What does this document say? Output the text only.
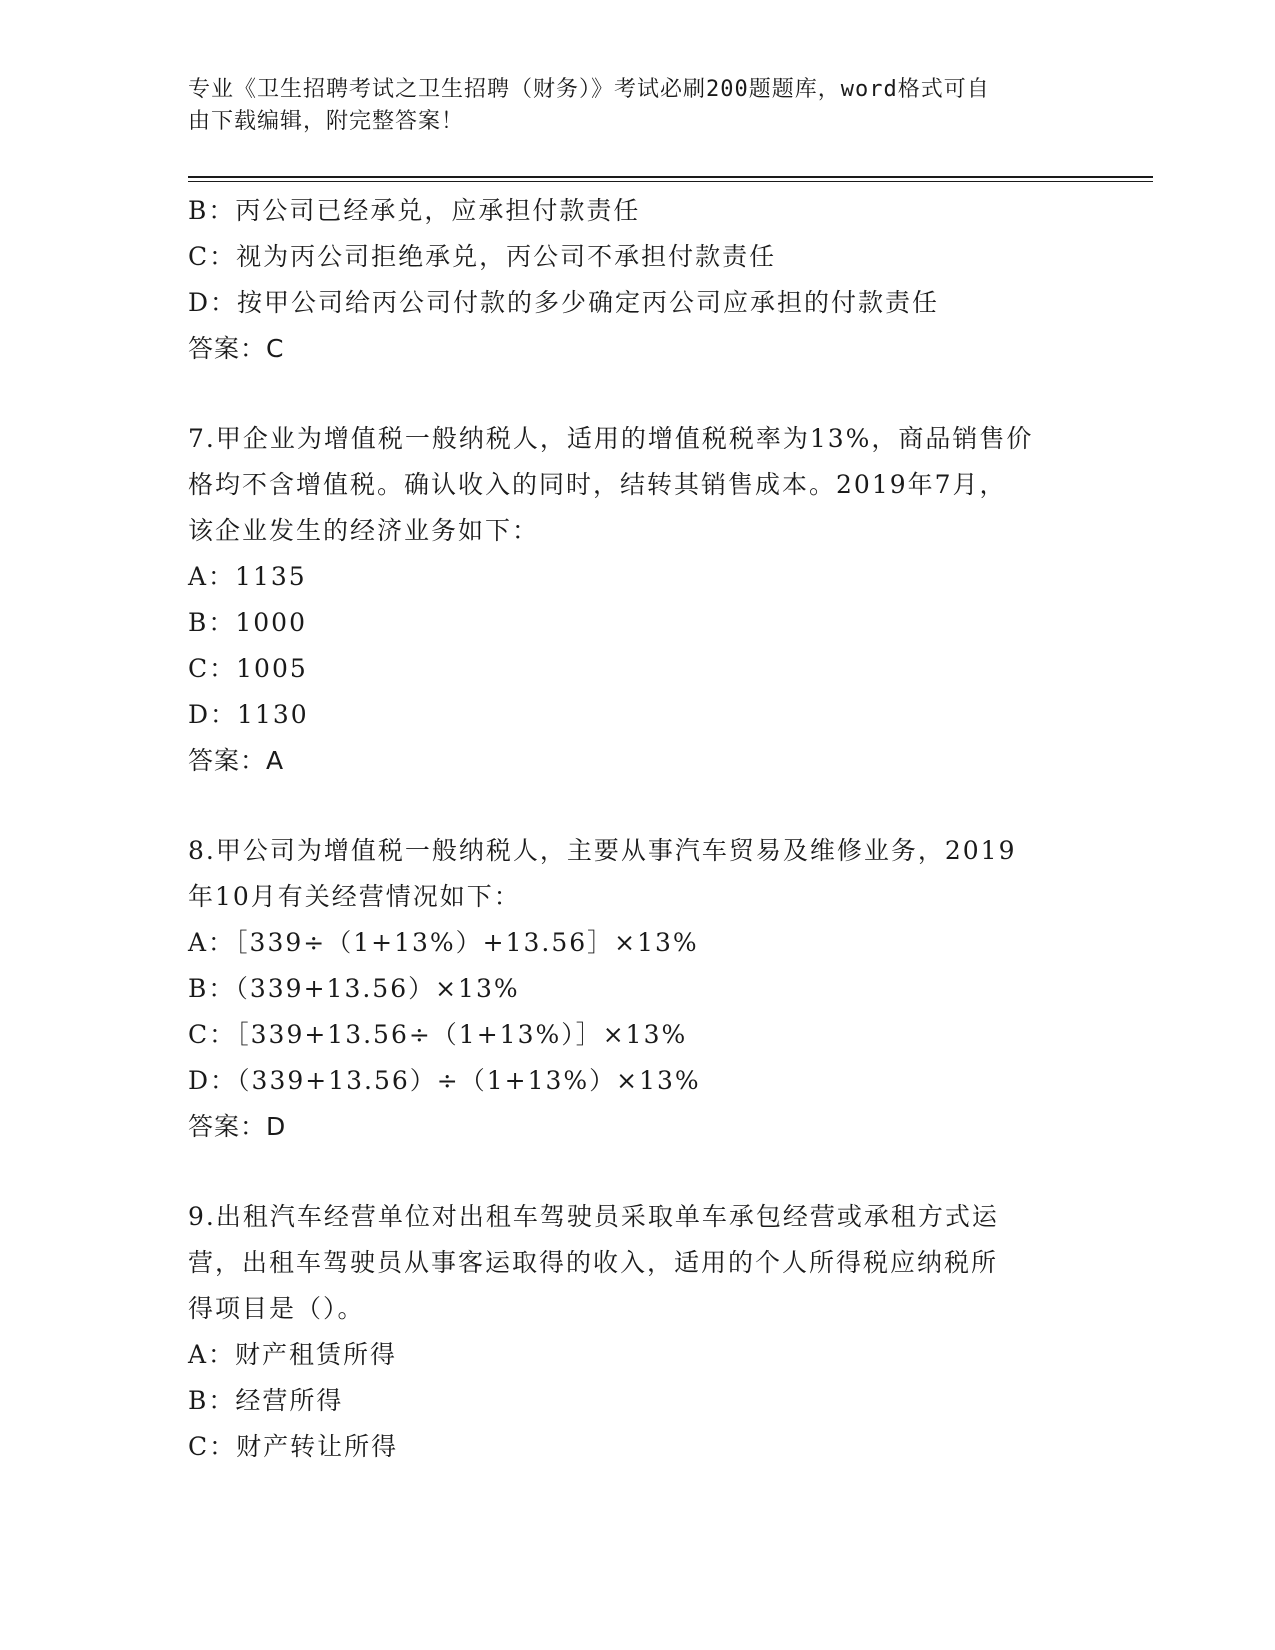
专业《卫生招聘考试之卫生招聘（财务）》考试必刷200题题库，word格式可自
由下载编辑，附完整答案！
B：丙公司已经承兑，应承担付款责任
C：视为丙公司拒绝承兑，丙公司不承担付款责任
D：按甲公司给丙公司付款的多少确定丙公司应承担的付款责任
答案：C
7.甲企业为增值税一般纳税人，适用的增值税税率为13%，商品销售价
格均不含增值税。确认收入的同时，结转其销售成本。2019年7月，
该企业发生的经济业务如下：
A：1135
B：1000
C：1005
D：1130
答案：A
8.甲公司为增值税一般纳税人，主要从事汽车贸易及维修业务，2019
年10月有关经营情况如下：
A：［339÷（1+13%）+13.56］×13%
B：（339+13.56）×13%
C：［339+13.56÷（1+13%）］×13%
D：（339+13.56）÷（1+13%）×13%
答案：D
9.出租汽车经营单位对出租车驾驶员采取单车承包经营或承租方式运
营，出租车驾驶员从事客运取得的收入，适用的个人所得税应纳税所
得项目是（）。
A：财产租赁所得
B：经营所得
C：财产转让所得
